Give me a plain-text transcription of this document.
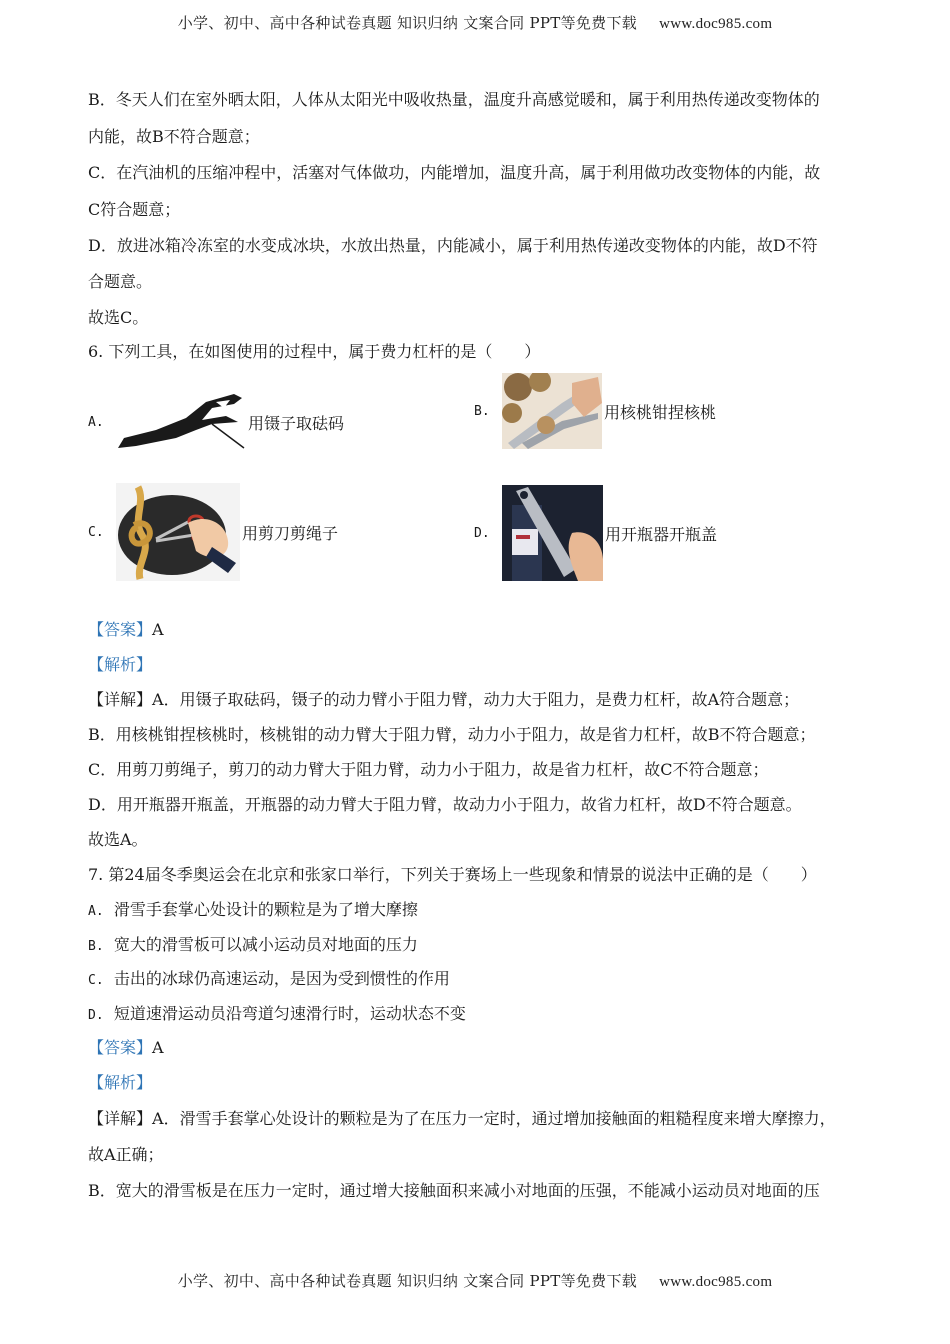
小学、初中、高中各种试卷真题 知识归纳 文案合同 PPT等免费下载 www.doc985.com
B．冬天人们在室外晒太阳，人体从太阳光中吸收热量，温度升高感觉暖和，属于利用热传递改变物体的
内能，故B不符合题意；
C．在汽油机的压缩冲程中，活塞对气体做功，内能增加，温度升高，属于利用做功改变物体的内能，故
C符合题意；
D．放进冰箱冷冻室的水变成冰块，水放出热量，内能减小，属于利用热传递改变物体的内能，故D不符
合题意。
故选C。
6. 下列工具，在如图使用的过程中，属于费力杠杆的是（　　）
A.	用镊子取砝码
B.	用核桃钳捏核桃
C.	用剪刀剪绳子	D.	用开瓶器开瓶盖
【答案】A
【解析】
【详解】A．用镊子取砝码，镊子的动力臂小于阻力臂，动力大于阻力，是费力杠杆，故A符合题意；
B．用核桃钳捏核桃时，核桃钳的动力臂大于阻力臂，动力小于阻力，故是省力杠杆，故B不符合题意；
C．用剪刀剪绳子，剪刀的动力臂大于阻力臂，动力小于阻力，故是省力杠杆，故C不符合题意；
D．用开瓶器开瓶盖，开瓶器的动力臂大于阻力臂，故动力小于阻力，故省力杠杆，故D不符合题意。
故选A。
7. 第24届冬季奥运会在北京和张家口举行，下列关于赛场上一些现象和情景的说法中正确的是（　　）
A. 滑雪手套掌心处设计的颗粒是为了增大摩擦
B. 宽大的滑雪板可以减小运动员对地面的压力
C. 击出的冰球仍高速运动，是因为受到惯性的作用
D. 短道速滑运动员沿弯道匀速滑行时，运动状态不变
【答案】A
【解析】
【详解】A．滑雪手套掌心处设计的颗粒是为了在压力一定时，通过增加接触面的粗糙程度来增大摩擦力，
故A正确；
B．宽大的滑雪板是在压力一定时，通过增大接触面积来减小对地面的压强，不能减小运动员对地面的压
小学、初中、高中各种试卷真题 知识归纳 文案合同 PPT等免费下载 www.doc985.com
